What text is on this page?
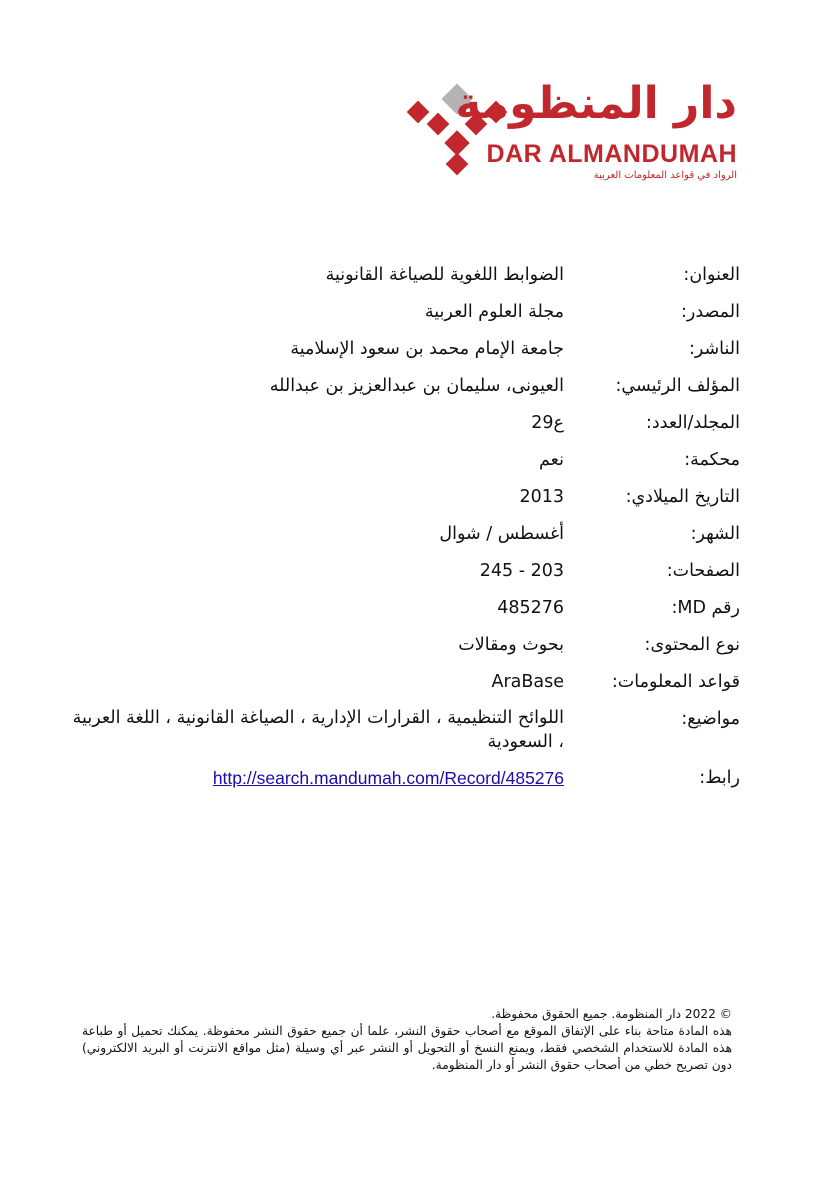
دار المنظومة
DAR ALMANDUMAH
الرواد في قواعد المعلومات العربية
العنوان:
الضوابط اللغوية للصياغة القانونية
المصدر:
مجلة العلوم العربية
الناشر:
جامعة الإمام محمد بن سعود الإسلامية
المؤلف الرئيسي:
العيونى، سليمان بن عبدالعزيز بن عبدالله
المجلد/العدد:
ع29
محكمة:
نعم
التاريخ الميلادي:
2013
الشهر:
أغسطس / شوال
الصفحات:
203 - 245
رقم MD:
485276
نوع المحتوى:
بحوث ومقالات
قواعد المعلومات:
AraBase
مواضيع:
اللوائح التنظيمية ، القرارات الإدارية ، الصياغة القانونية ، اللغة العربية ، السعودية
رابط:
http://search.mandumah.com/Record/485276

© 2022 دار المنظومة. جميع الحقوق محفوظة.

هذه المادة متاحة بناء على الإتفاق الموقع مع أصحاب حقوق النشر، علما أن جميع حقوق النشر محفوظة. يمكنك تحميل أو طباعة هذه المادة للاستخدام الشخصي فقط، ويمنع النسخ أو التحويل أو النشر عبر أي وسيلة (مثل مواقع الانترنت أو البريد الالكتروني) دون تصريح خطي من أصحاب حقوق النشر أو دار المنظومة.
